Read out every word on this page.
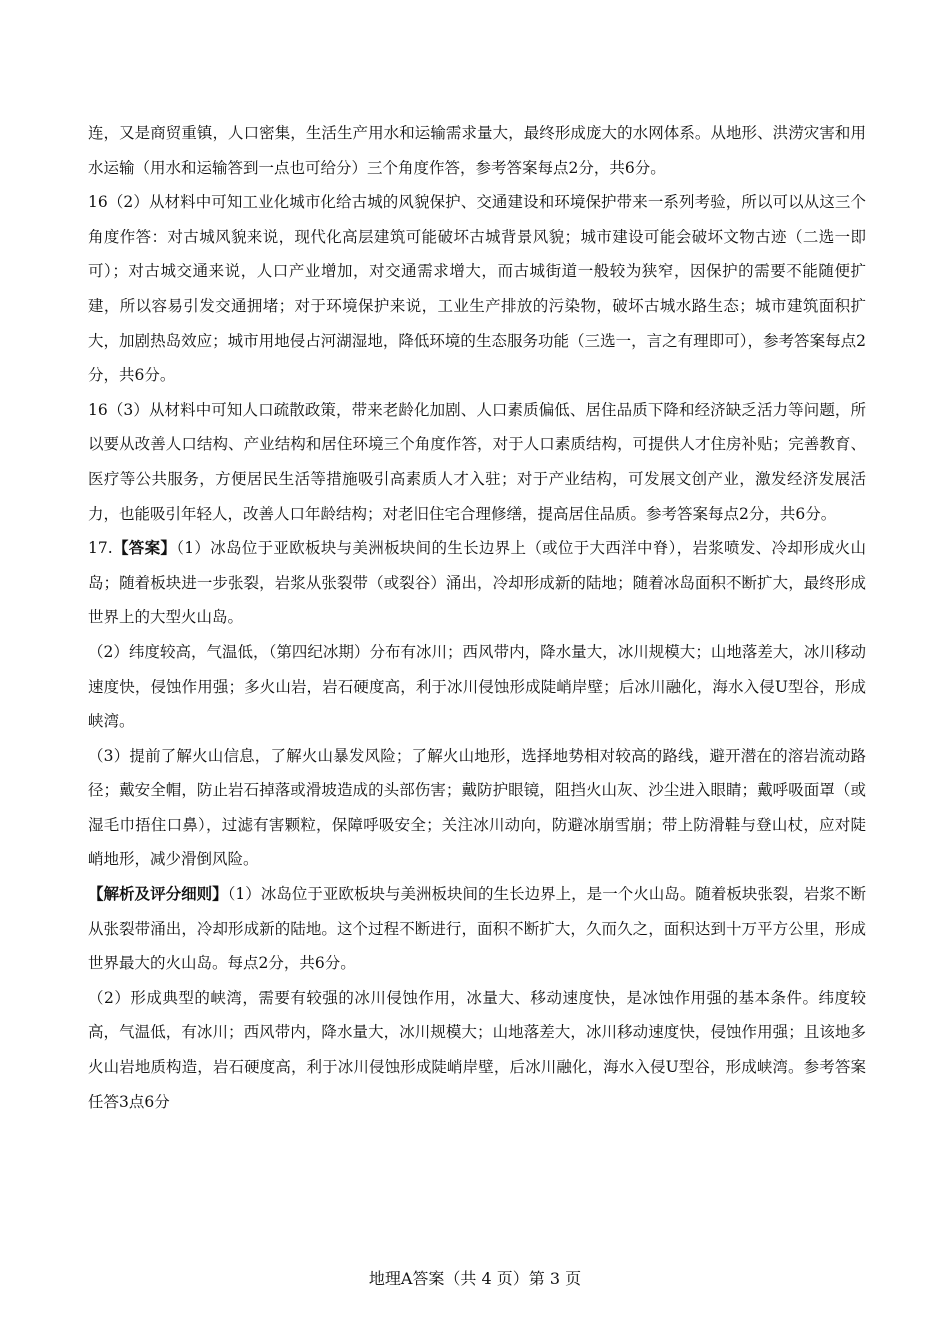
连，又是商贸重镇，人口密集，生活生产用水和运输需求量大，最终形成庞大的水网体系。从地形、洪涝灾害和用水运输（用水和运输答到一点也可给分）三个角度作答，参考答案每点2分，共6分。

16（2）从材料中可知工业化城市化给古城的风貌保护、交通建设和环境保护带来一系列考验，所以可以从这三个角度作答：对古城风貌来说，现代化高层建筑可能破坏古城背景风貌；城市建设可能会破坏文物古迹（二选一即可）；对古城交通来说，人口产业增加，对交通需求增大，而古城街道一般较为狭窄，因保护的需要不能随便扩建，所以容易引发交通拥堵；对于环境保护来说，工业生产排放的污染物，破坏古城水路生态；城市建筑面积扩大，加剧热岛效应；城市用地侵占河湖湿地，降低环境的生态服务功能（三选一，言之有理即可），参考答案每点2分，共6分。

16（3）从材料中可知人口疏散政策，带来老龄化加剧、人口素质偏低、居住品质下降和经济缺乏活力等问题，所以要从改善人口结构、产业结构和居住环境三个角度作答，对于人口素质结构，可提供人才住房补贴；完善教育、医疗等公共服务，方便居民生活等措施吸引高素质人才入驻；对于产业结构，可发展文创产业，激发经济发展活力，也能吸引年轻人，改善人口年龄结构；对老旧住宅合理修缮，提高居住品质。参考答案每点2分，共6分。

17.【答案】（1）冰岛位于亚欧板块与美洲板块间的生长边界上（或位于大西洋中脊），岩浆喷发、冷却形成火山岛；随着板块进一步张裂，岩浆从张裂带（或裂谷）涌出，冷却形成新的陆地；随着冰岛面积不断扩大，最终形成世界上的大型火山岛。

（2）纬度较高，气温低，（第四纪冰期）分布有冰川；西风带内，降水量大，冰川规模大；山地落差大，冰川移动速度快，侵蚀作用强；多火山岩，岩石硬度高，利于冰川侵蚀形成陡峭岸壁；后冰川融化，海水入侵U型谷，形成峡湾。

（3）提前了解火山信息，了解火山暴发风险；了解火山地形，选择地势相对较高的路线，避开潜在的溶岩流动路径；戴安全帽，防止岩石掉落或滑坡造成的头部伤害；戴防护眼镜，阻挡火山灰、沙尘进入眼睛；戴呼吸面罩（或湿毛巾捂住口鼻），过滤有害颗粒，保障呼吸安全；关注冰川动向，防避冰崩雪崩；带上防滑鞋与登山杖，应对陡峭地形，减少滑倒风险。

【解析及评分细则】（1）冰岛位于亚欧板块与美洲板块间的生长边界上，是一个火山岛。随着板块张裂，岩浆不断从张裂带涌出，冷却形成新的陆地。这个过程不断进行，面积不断扩大，久而久之，面积达到十万平方公里，形成世界最大的火山岛。每点2分，共6分。

（2）形成典型的峡湾，需要有较强的冰川侵蚀作用，冰量大、移动速度快，是冰蚀作用强的基本条件。纬度较高，气温低，有冰川；西风带内，降水量大，冰川规模大；山地落差大，冰川移动速度快，侵蚀作用强；且该地多火山岩地质构造，岩石硬度高，利于冰川侵蚀形成陡峭岸壁，后冰川融化，海水入侵U型谷，形成峡湾。参考答案任答3点6分

地理A答案（共 4 页）第 3 页
